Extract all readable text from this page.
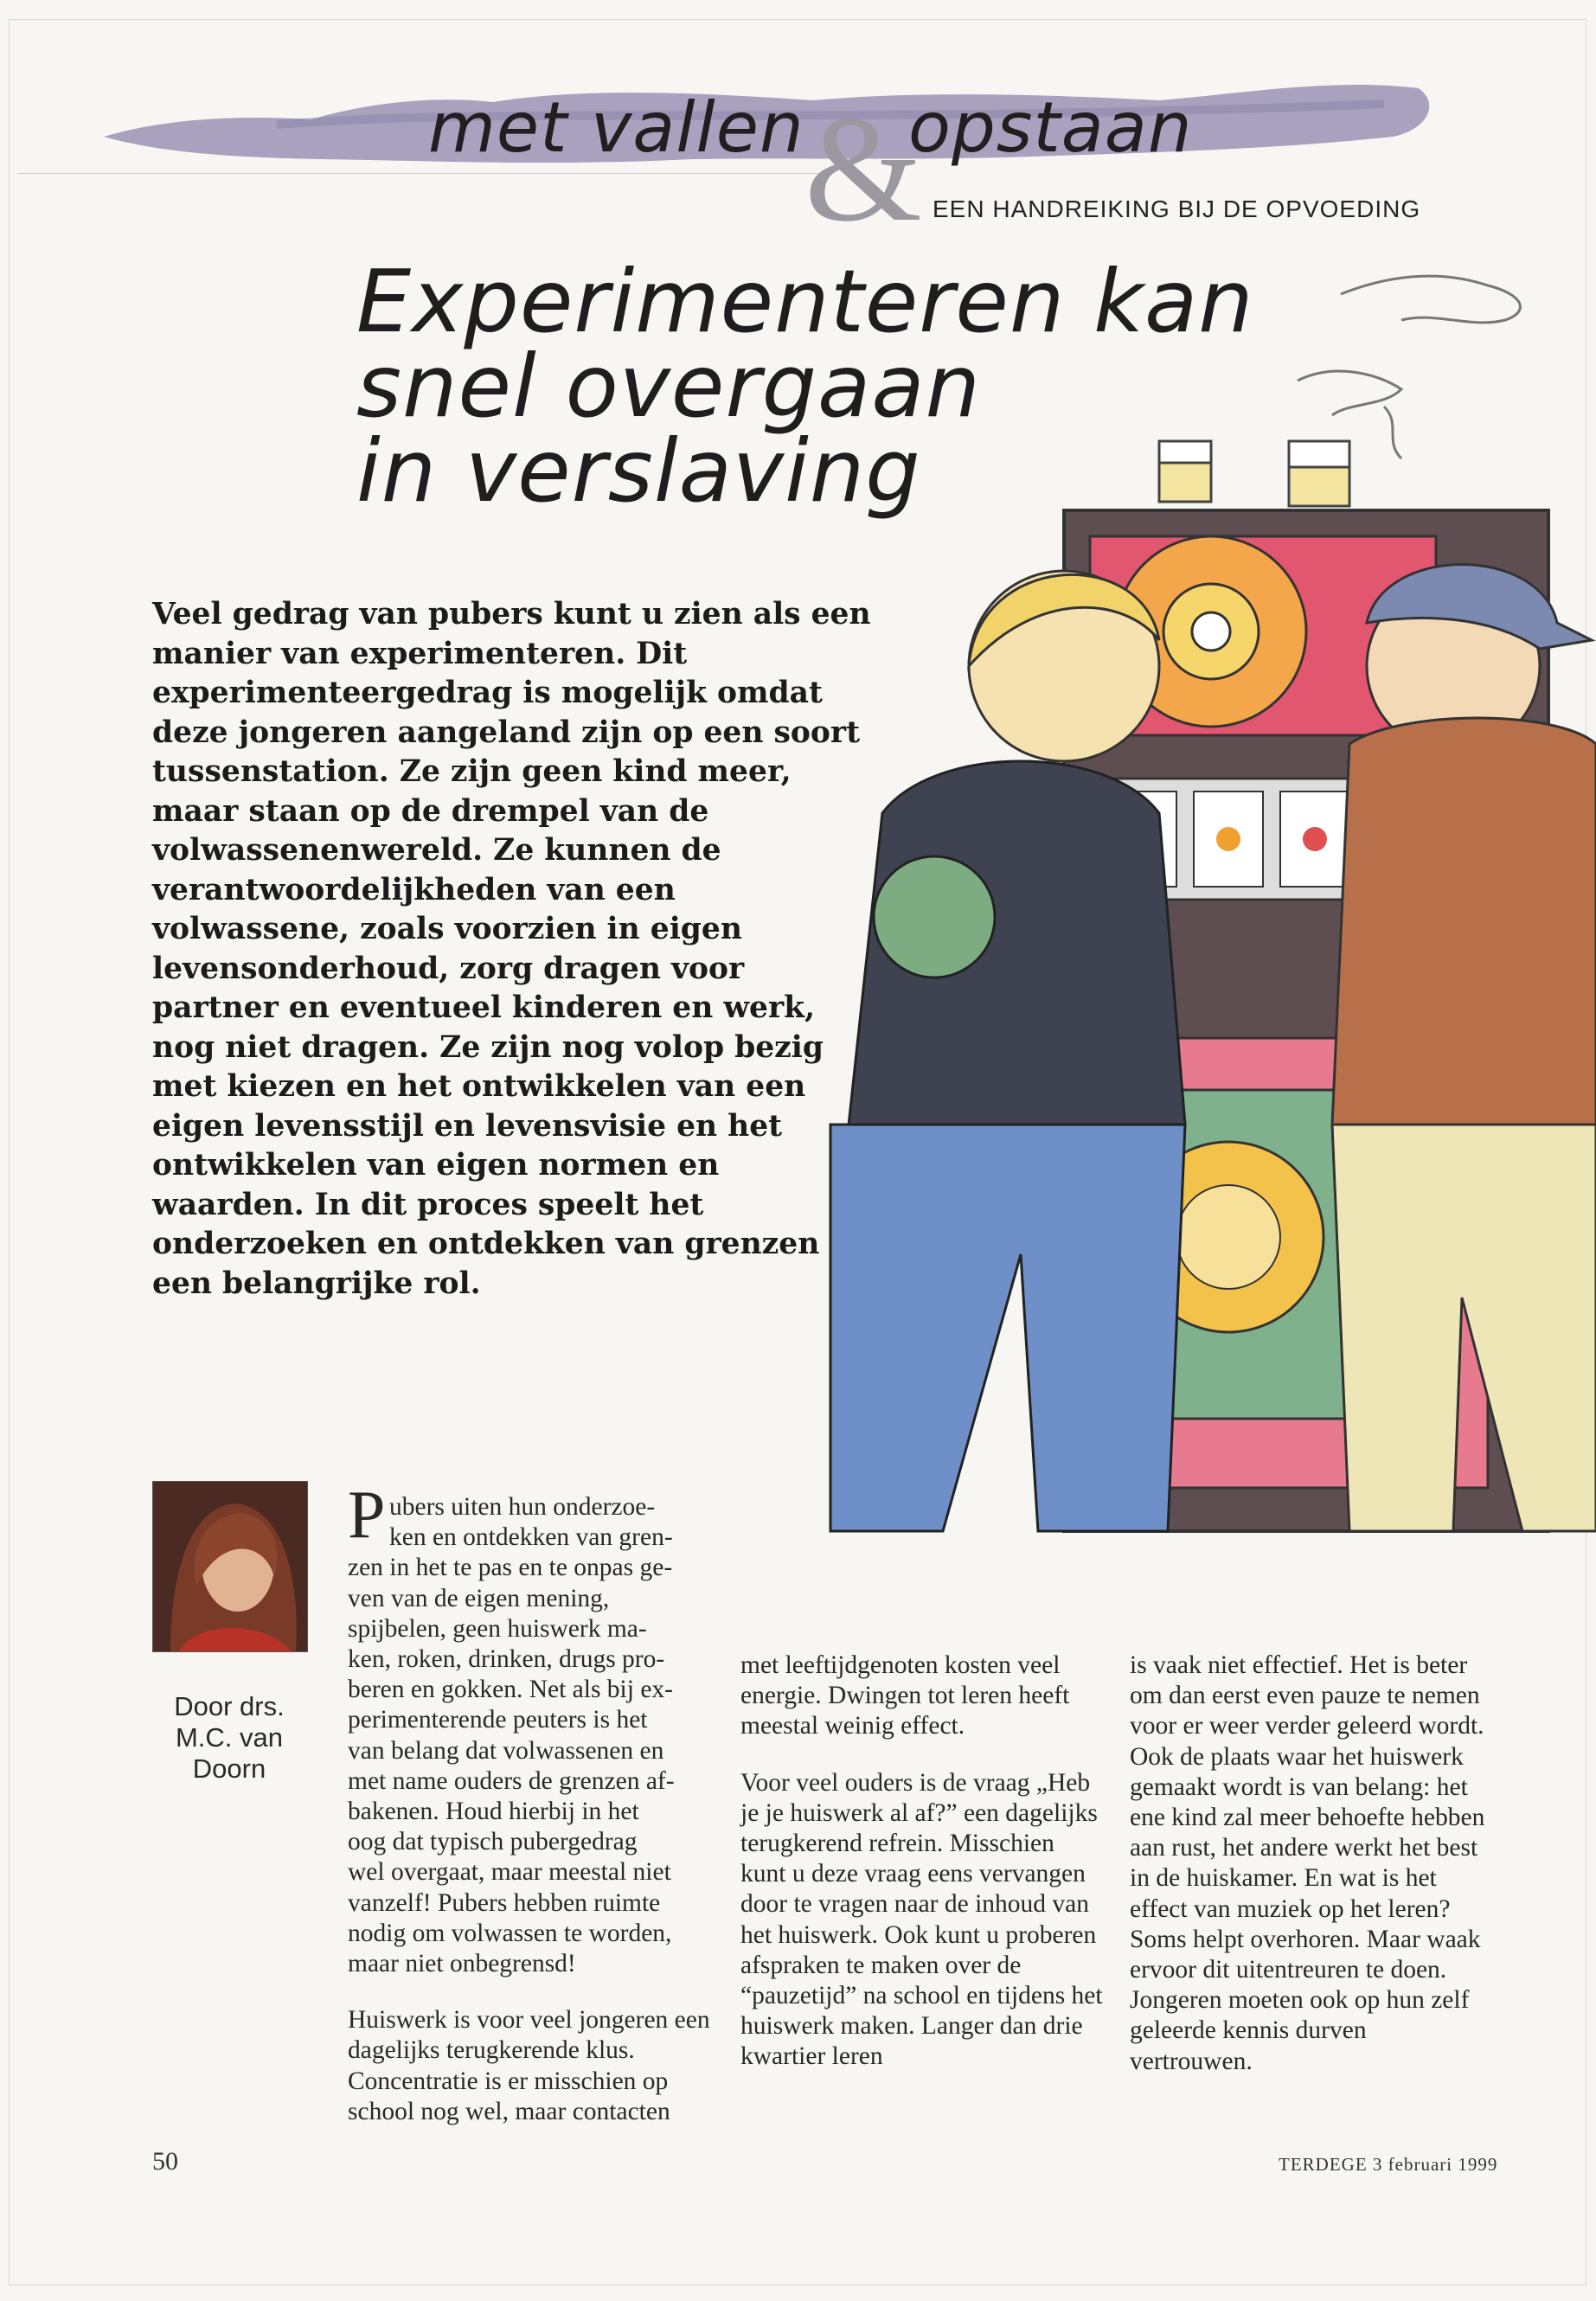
met vallen &
opstaan
EEN HANDREIKING BIJ DE OPVOEDING
Experimenteren kan
snel overgaan
in verslaving

Veel gedrag van pubers kunt u zien als een manier van experimenteren. Dit experimenteergedrag is mogelijk omdat deze jongeren aangeland zijn op een soort tussenstation. Ze zijn geen kind meer, maar staan op de drempel van de volwassenenwereld. Ze kunnen de verantwoordelijkheden van een volwassene, zoals voorzien in eigen levensonderhoud, zorg dragen voor partner en eventueel kinderen en werk, nog niet dragen. Ze zijn nog volop bezig met kiezen en het ontwikkelen van een eigen levensstijl en levensvisie en het ontwikkelen van eigen normen en waarden. In dit proces speelt het onderzoeken en ontdekken van grenzen een belangrijke rol.

Door drs.
M.C. van
Doorn
P ubers uiten hun onderzoe-
ken en ontdekken van gren-
zen in het te pas en te onpas ge-
ven van de eigen mening,
spijbelen, geen huiswerk ma-
ken, roken, drinken, drugs pro-
beren en gokken. Net als bij ex-
perimenterende peuters is het
van belang dat volwassenen en
met name ouders de grenzen af-
bakenen. Houd hierbij in het
oog dat typisch pubergedrag
wel overgaat, maar meestal niet
vanzelf! Pubers hebben ruimte
nodig om volwassen te worden,
maar niet onbegrensd!

Huiswerk is voor veel jongeren een dagelijks terugkerende klus. Concentratie is er misschien op school nog wel, maar contacten

met leeftijdgenoten kosten veel energie. Dwingen tot leren heeft meestal weinig effect.

Voor veel ouders is de vraag „Heb je je huiswerk al af?” een dagelijks terugkerend refrein. Misschien kunt u deze vraag eens vervangen door te vragen naar de inhoud van het huiswerk. Ook kunt u proberen afspraken te maken over de “pauzetijd” na school en tijdens het huiswerk maken. Langer dan drie kwartier leren

is vaak niet effectief. Het is beter om dan eerst even pauze te nemen voor er weer verder geleerd wordt. Ook de plaats waar het huiswerk gemaakt wordt is van belang: het ene kind zal meer behoefte hebben aan rust, het andere werkt het best in de huiskamer. En wat is het effect van muziek op het leren? Soms helpt overhoren. Maar waak ervoor dit uitentreuren te doen. Jongeren moeten ook op hun zelf geleerde kennis durven vertrouwen.

50	TERDEGE 3 februari 1999
